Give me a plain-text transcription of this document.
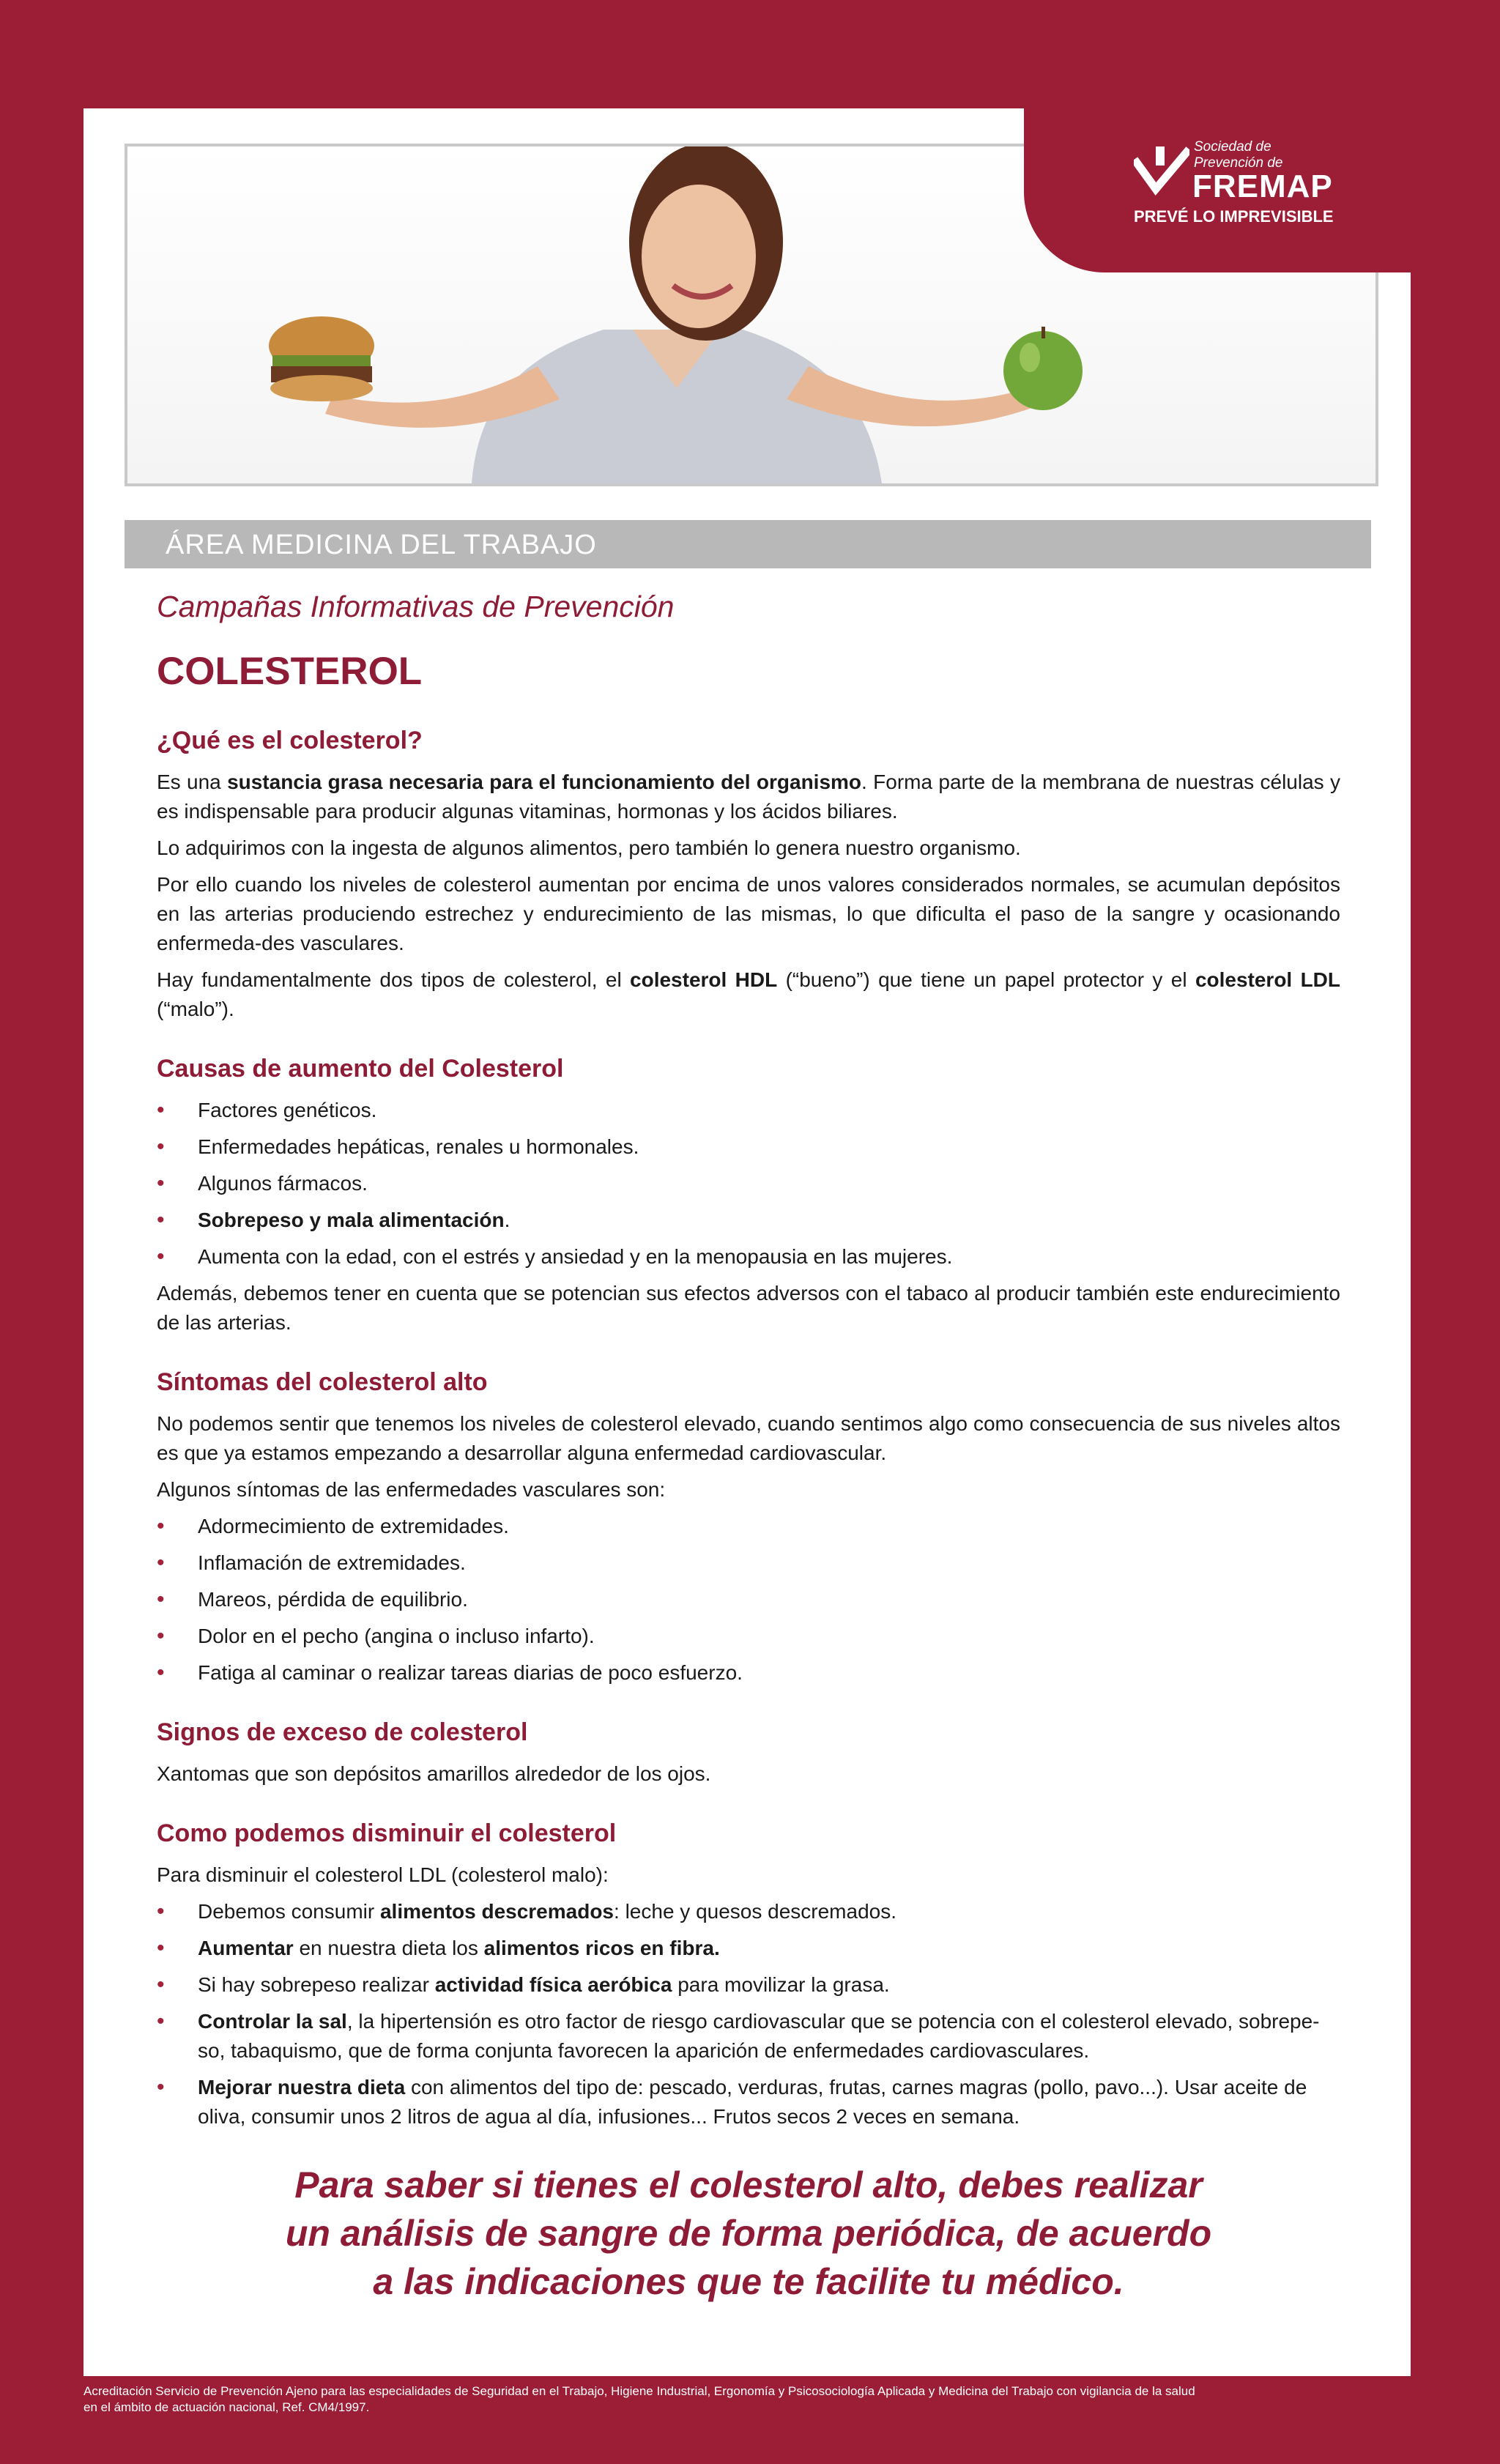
Sociedad de
Prevención de
FREMAP
PREVÉ LO IMPREVISIBLE
ÁREA MEDICINA DEL TRABAJO
Campañas Informativas de Prevención
COLESTEROL
¿Qué es el colesterol?

Es una sustancia grasa necesaria para el funcionamiento del organismo. Forma parte de la membrana de nuestras células y es indispensable para producir algunas vitaminas, hormonas y los ácidos biliares.

Lo adquirimos con la ingesta de algunos alimentos, pero también lo genera nuestro organismo.

Por ello cuando los niveles de colesterol aumentan por encima de unos valores considerados normales, se acumulan depósitos en las arterias produciendo estrechez y endurecimiento de las mismas, lo que dificulta el paso de la sangre y ocasionando enfermeda-des vasculares.

Hay fundamentalmente dos tipos de colesterol, el colesterol HDL (“bueno”) que tiene un papel protector y el colesterol LDL (“malo”).

Causas de aumento del Colesterol
• Factores genéticos.
• Enfermedades hepáticas, renales u hormonales.
• Algunos fármacos.
• Sobrepeso y mala alimentación.
• Aumenta con la edad, con el estrés y ansiedad y en la menopausia en las mujeres.

Además, debemos tener en cuenta que se potencian sus efectos adversos con el tabaco al producir también este endurecimiento de las arterias.

Síntomas del colesterol alto

No podemos sentir que tenemos los niveles de colesterol elevado, cuando sentimos algo como consecuencia de sus niveles altos es que ya estamos empezando a desarrollar alguna enfermedad cardiovascular.

Algunos síntomas de las enfermedades vasculares son:

• Adormecimiento de extremidades.
• Inflamación de extremidades.
• Mareos, pérdida de equilibrio.
• Dolor en el pecho (angina o incluso infarto).
• Fatiga al caminar o realizar tareas diarias de poco esfuerzo.
Signos de exceso de colesterol

Xantomas que son depósitos amarillos alrededor de los ojos.

Como podemos disminuir el colesterol

Para disminuir el colesterol LDL (colesterol malo):

• Debemos consumir alimentos descremados: leche y quesos descremados.
• Aumentar en nuestra dieta los alimentos ricos en fibra.
• Si hay sobrepeso realizar actividad física aeróbica para movilizar la grasa.
• Controlar la sal, la hipertensión es otro factor de riesgo cardiovascular que se potencia con el colesterol elevado, sobrepe-so, tabaquismo, que de forma conjunta favorecen la aparición de enfermedades cardiovasculares.
• Mejorar nuestra dieta con alimentos del tipo de: pescado, verduras, frutas, carnes magras (pollo, pavo...). Usar aceite de oliva, consumir unos 2 litros de agua al día, infusiones... Frutos secos 2 veces en semana.
Para saber si tienes el colesterol alto, debes realizar
un análisis de sangre de forma periódica, de acuerdo
a las indicaciones que te facilite tu médico.
Acreditación Servicio de Prevención Ajeno para las especialidades de Seguridad en el Trabajo, Higiene Industrial, Ergonomía y Psicosociología Aplicada y Medicina del Trabajo con vigilancia de la salud
en el ámbito de actuación nacional, Ref. CM4/1997.
